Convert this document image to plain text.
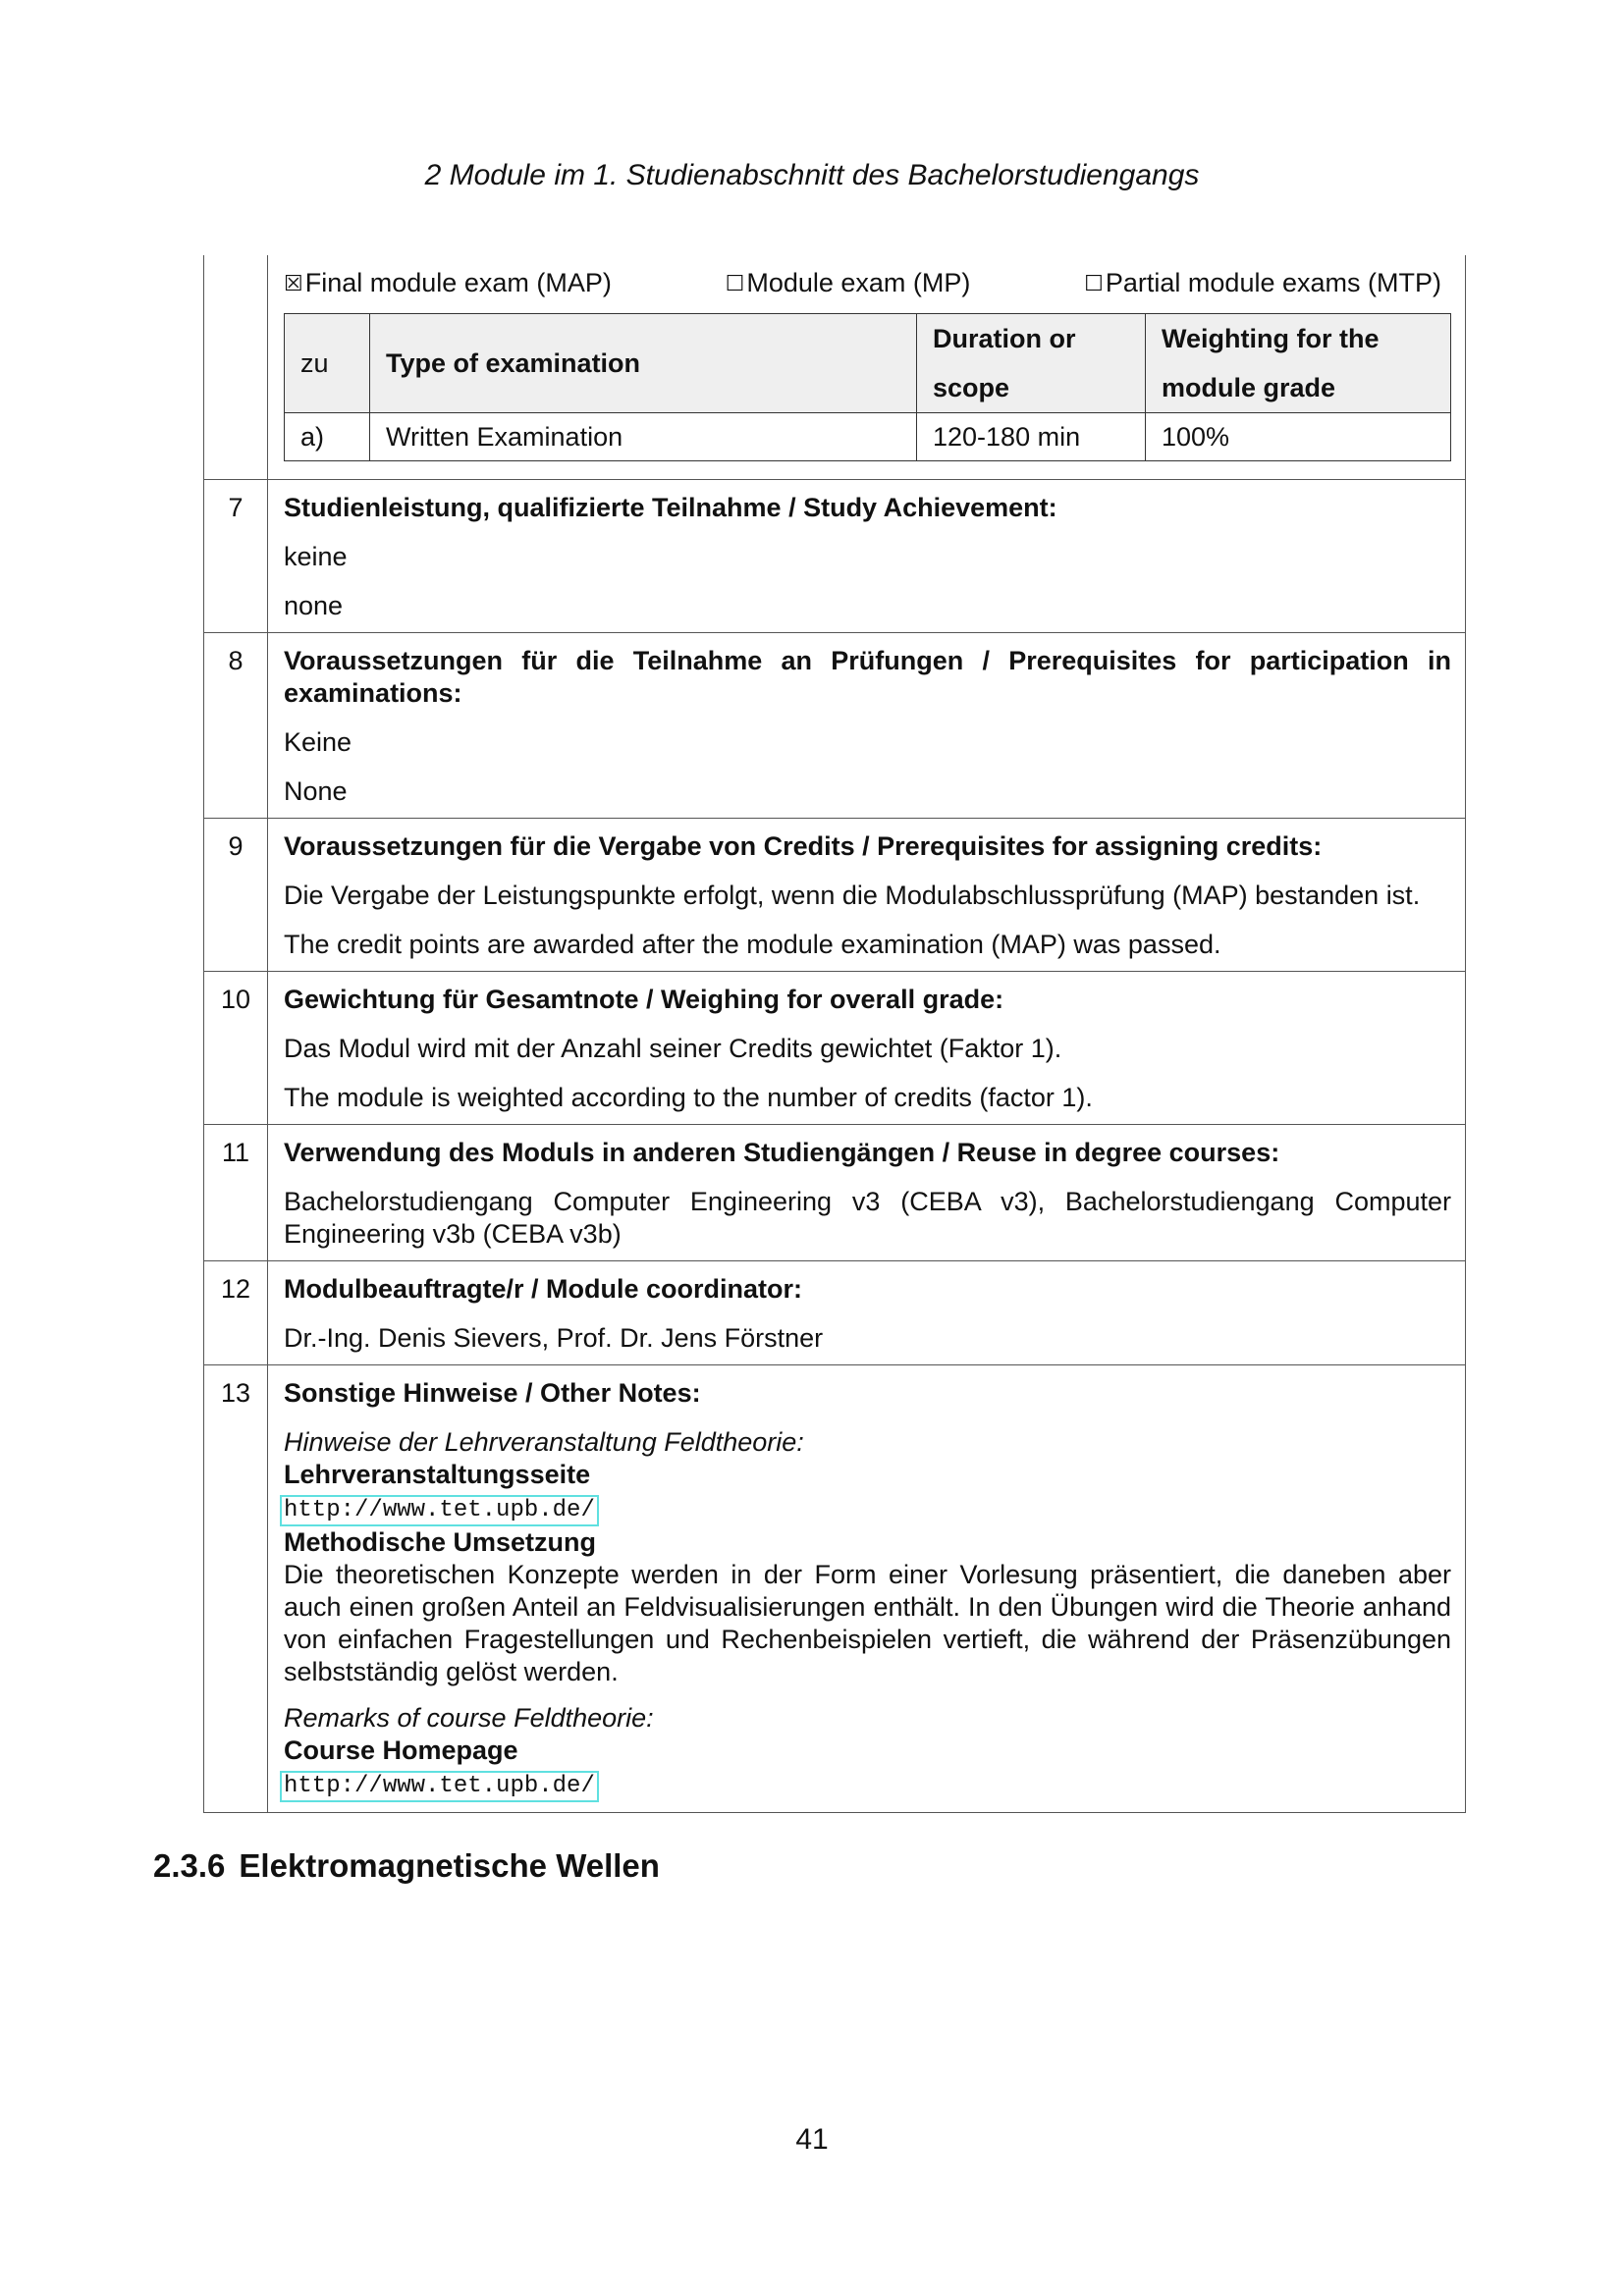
2 Module im 1. Studienabschnitt des Bachelorstudiengangs

☒ Final module exam (MAP)	☐ Module exam (MP)	☐ Partial module exams (MTP)
zu	Type of examination	Duration or scope	Weighting for the module grade
a)	Written Examination	120-180 min	100%

7	Studienleistung, qualifizierte Teilnahme / Study Achievement:
keine
none

8	Voraussetzungen für die Teilnahme an Prüfungen / Prerequisites for participation in examinations:
Keine
None

9	Voraussetzungen für die Vergabe von Credits / Prerequisites for assigning credits:
Die Vergabe der Leistungspunkte erfolgt, wenn die Modulabschlussprüfung (MAP) bestanden ist.
The credit points are awarded after the module examination (MAP) was passed.

10	Gewichtung für Gesamtnote / Weighing for overall grade:
Das Modul wird mit der Anzahl seiner Credits gewichtet (Faktor 1).
The module is weighted according to the number of credits (factor 1).

11	Verwendung des Moduls in anderen Studiengängen / Reuse in degree courses:
Bachelorstudiengang Computer Engineering v3 (CEBA v3), Bachelorstudiengang Computer Engineering v3b (CEBA v3b)

12	Modulbeauftragte/r / Module coordinator:
Dr.-Ing. Denis Sievers, Prof. Dr. Jens Förstner

13	Sonstige Hinweise / Other Notes:
Hinweise der Lehrveranstaltung Feldtheorie:
Lehrveranstaltungsseite
http://www.tet.upb.de/
Methodische Umsetzung
Die theoretischen Konzepte werden in der Form einer Vorlesung präsentiert, die daneben aber auch einen großen Anteil an Feldvisualisierungen enthält. In den Übungen wird die Theorie anhand von einfachen Fragestellungen und Rechenbeispielen vertieft, die während der Präsenzübungen selbstständig gelöst werden.
Remarks of course Feldtheorie:
Course Homepage
http://www.tet.upb.de/
2.3.6 Elektromagnetische Wellen
41
